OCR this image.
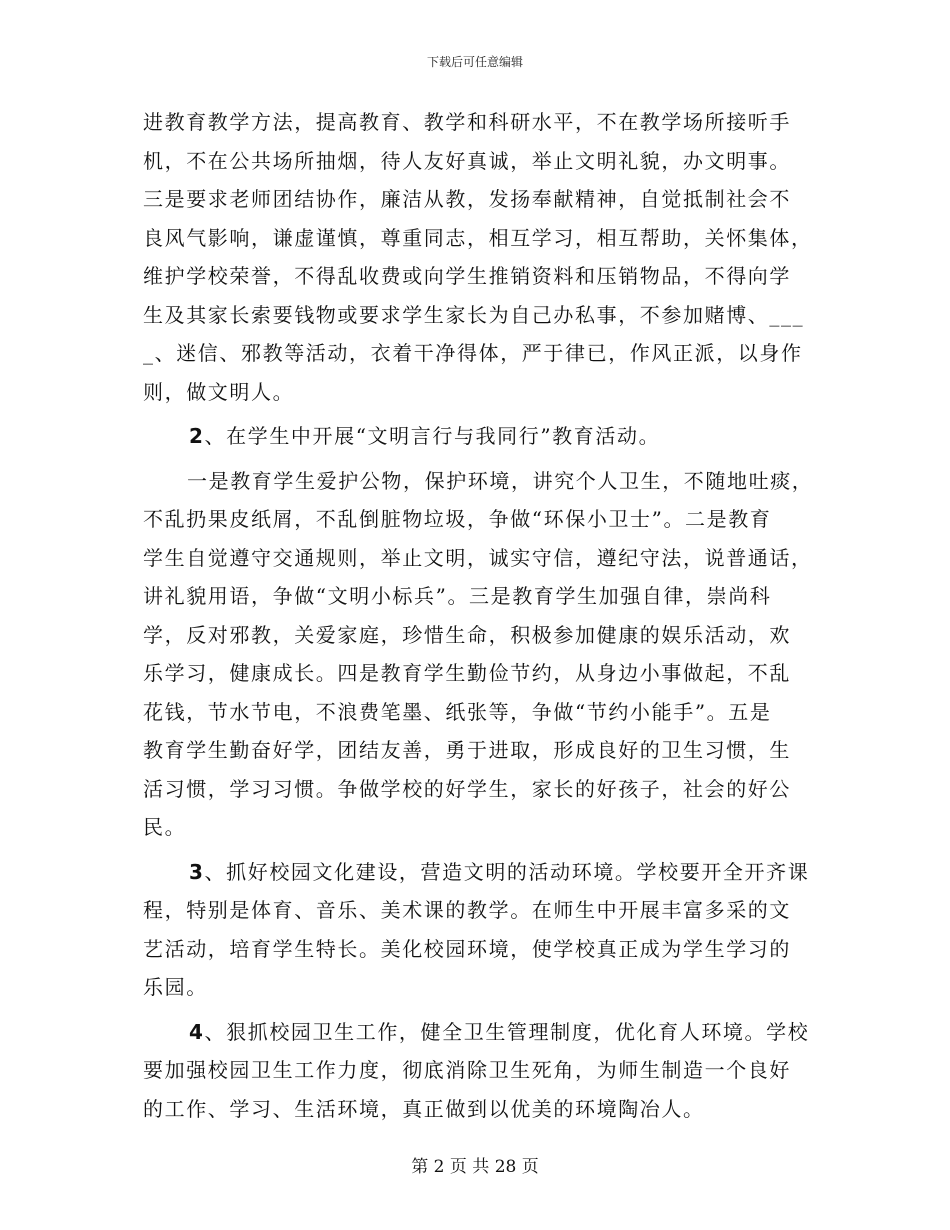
下载后可任意编辑
进教育教学方法，提高教育、教学和科研水平，不在教学场所接听手
机，不在公共场所抽烟，待人友好真诚，举止文明礼貌，办文明事。
三是要求老师团结协作，廉洁从教，发扬奉献精神，自觉抵制社会不
良风气影响，谦虚谨慎，尊重同志，相互学习，相互帮助，关怀集体，
维护学校荣誉，不得乱收费或向学生推销资料和压销物品，不得向学
生及其家长索要钱物或要求学生家长为自己办私事，不参加赌博、___
_、迷信、邪教等活动，衣着干净得体，严于律已，作风正派，以身作
则，做文明人。
2、在学生中开展“文明言行与我同行”教育活动。
一是教育学生爱护公物，保护环境，讲究个人卫生，不随地吐痰，
不乱扔果皮纸屑，不乱倒脏物垃圾，争做“环保小卫士”。二是教育
学生自觉遵守交通规则，举止文明，诚实守信，遵纪守法，说普通话，
讲礼貌用语，争做“文明小标兵”。三是教育学生加强自律，崇尚科
学，反对邪教，关爱家庭，珍惜生命，积极参加健康的娱乐活动，欢
乐学习，健康成长。四是教育学生勤俭节约，从身边小事做起，不乱
花钱，节水节电，不浪费笔墨、纸张等，争做“节约小能手”。五是
教育学生勤奋好学，团结友善，勇于进取，形成良好的卫生习惯，生
活习惯，学习习惯。争做学校的好学生，家长的好孩子，社会的好公
民。
3、抓好校园文化建设，营造文明的活动环境。学校要开全开齐课
程，特别是体育、音乐、美术课的教学。在师生中开展丰富多采的文
艺活动，培育学生特长。美化校园环境，使学校真正成为学生学习的
乐园。
4、狠抓校园卫生工作，健全卫生管理制度，优化育人环境。学校
要加强校园卫生工作力度，彻底消除卫生死角，为师生制造一个良好
的工作、学习、生活环境，真正做到以优美的环境陶冶人。
第 2 页 共 28 页
